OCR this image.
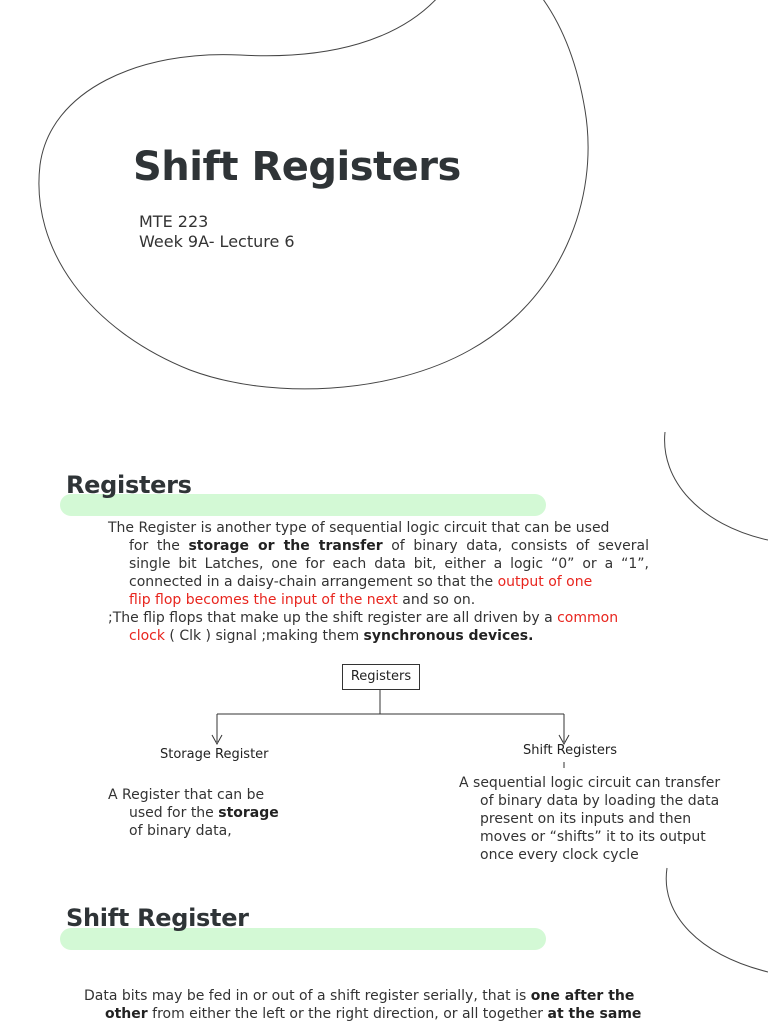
Shift Registers
MTE 223
Week 9A- Lecture 6
Registers
The Register is another type of sequential logic circuit that can be used
for the storage or the transfer of binary data, consists of several
single bit Latches, one for each data bit, either a logic “0” or a “1”,
connected in a daisy-chain arrangement so that the output of one
flip flop becomes the input of the next and so on.
;The flip flops that make up the shift register are all driven by a common
clock ( Clk ) signal ;making them synchronous devices.
Registers
Storage Register	Shift Registers
A Register that can be
used for the storage
of binary data,
A sequential logic circuit can transfer
of binary data by loading the data
present on its inputs and then
moves or “shifts” it to its output
once every clock cycle
Shift Register
Data bits may be fed in or out of a shift register serially, that is one after the
other from either the left or the right direction, or all together at the same
